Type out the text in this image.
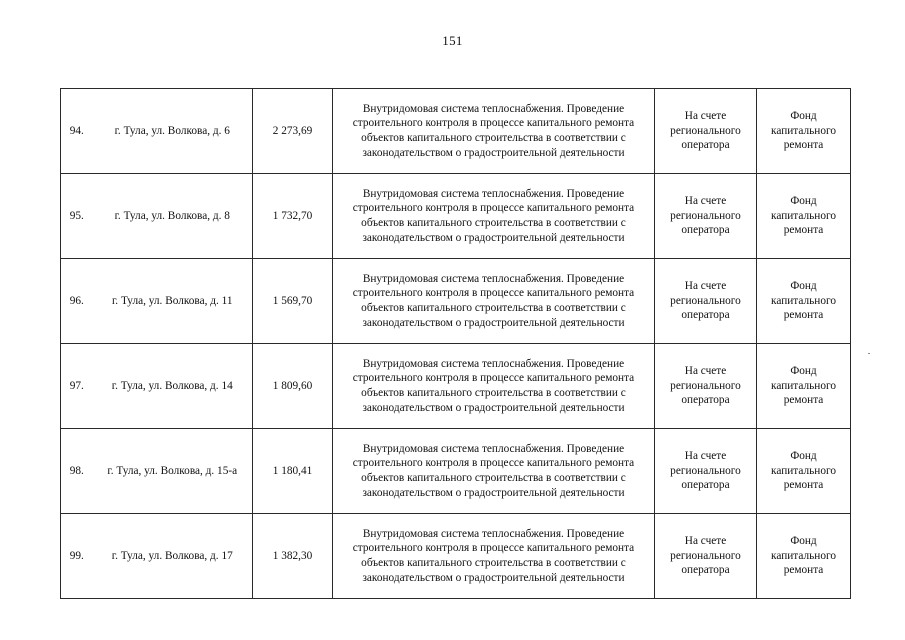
151
94.	г. Тула, ул. Волкова, д. 6	2 273,69	Внутридомовая система теплоснабжения. Проведение строительного контроля в процессе капитального ремонта объектов капитального строительства в соответствии с законодательством о градостроительной деятельности	На счете регионального оператора	Фонд капитального ремонта
95.	г. Тула, ул. Волкова, д. 8	1 732,70	Внутридомовая система теплоснабжения. Проведение строительного контроля в процессе капитального ремонта объектов капитального строительства в соответствии с законодательством о градостроительной деятельности	На счете регионального оператора	Фонд капитального ремонта
96.	г. Тула, ул. Волкова, д. 11	1 569,70	Внутридомовая система теплоснабжения. Проведение строительного контроля в процессе капитального ремонта объектов капитального строительства в соответствии с законодательством о градостроительной деятельности	На счете регионального оператора	Фонд капитального ремонта
97.	г. Тула, ул. Волкова, д. 14	1 809,60	Внутридомовая система теплоснабжения. Проведение строительного контроля в процессе капитального ремонта объектов капитального строительства в соответствии с законодательством о градостроительной деятельности	На счете регионального оператора	Фонд капитального ремонта
98.	г. Тула, ул. Волкова, д. 15-а	1 180,41	Внутридомовая система теплоснабжения. Проведение строительного контроля в процессе капитального ремонта объектов капитального строительства в соответствии с законодательством о градостроительной деятельности	На счете регионального оператора	Фонд капитального ремонта
99.	г. Тула, ул. Волкова, д. 17	1 382,30	Внутридомовая система теплоснабжения. Проведение строительного контроля в процессе капитального ремонта объектов капитального строительства в соответствии с законодательством о градостроительной деятельности	На счете регионального оператора	Фонд капитального ремонта
